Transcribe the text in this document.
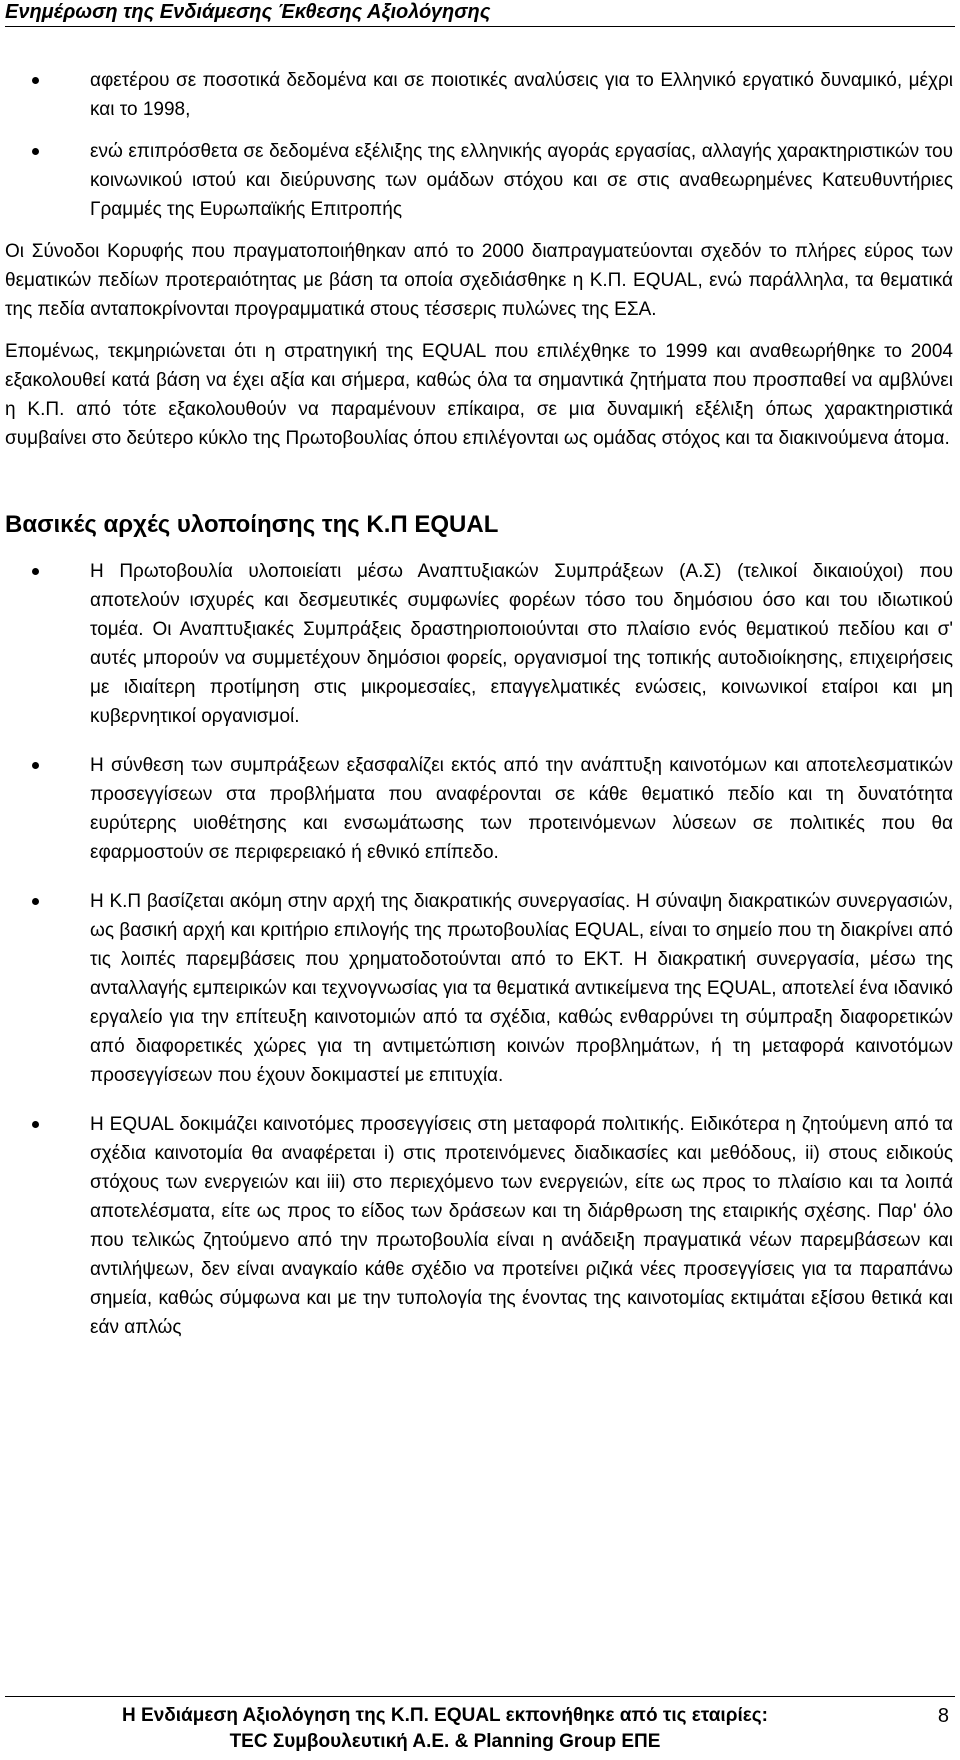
Ενημέρωση της Ενδιάμεσης Έκθεσης Αξιολόγησης
αφετέρου σε ποσοτικά δεδομένα και σε ποιοτικές αναλύσεις για το Ελληνικό εργατικό δυναμικό, μέχρι και το 1998,
ενώ επιπρόσθετα σε δεδομένα εξέλιξης της ελληνικής αγοράς εργασίας, αλλαγής χαρακτηριστικών του κοινωνικού ιστού και διεύρυνσης των ομάδων στόχου και σε στις αναθεωρημένες Κατευθυντήριες Γραμμές της Ευρωπαϊκής Επιτροπής

Οι Σύνοδοι Κορυφής που πραγματοποιήθηκαν από το 2000 διαπραγματεύονται σχεδόν το πλήρες εύρος των θεματικών πεδίων προτεραιότητας με βάση τα οποία σχεδιάσθηκε η Κ.Π. EQUAL, ενώ παράλληλα, τα θεματικά της πεδία ανταποκρίνονται προγραμματικά στους τέσσερις πυλώνες της ΕΣΑ.

Επομένως, τεκμηριώνεται ότι η στρατηγική της EQUAL που επιλέχθηκε το 1999 και αναθεωρήθηκε το 2004 εξακολουθεί κατά βάση να έχει αξία και σήμερα, καθώς όλα τα σημαντικά ζητήματα που προσπαθεί να αμβλύνει η Κ.Π. από τότε εξακολουθούν να παραμένουν επίκαιρα, σε μια δυναμική εξέλιξη όπως χαρακτηριστικά συμβαίνει στο δεύτερο κύκλο της Πρωτοβουλίας όπου επιλέγονται ως ομάδας στόχος και τα διακινούμενα άτομα.

Βασικές αρχές υλοποίησης της Κ.Π EQUAL
Η Πρωτοβουλία υλοποιείατι μέσω Αναπτυξιακών Συμπράξεων (Α.Σ) (τελικοί δικαιούχοι) που αποτελούν ισχυρές και δεσμευτικές συμφωνίες φορέων τόσο του δημόσιου όσο και του ιδιωτικού τομέα. Οι Αναπτυξιακές Συμπράξεις δραστηριοποιούνται στο πλαίσιο ενός θεματικού πεδίου και σ' αυτές μπορούν να συμμετέχουν δημόσιοι φορείς, οργανισμοί της τοπικής αυτοδιοίκησης, επιχειρήσεις με ιδιαίτερη προτίμηση στις μικρομεσαίες, επαγγελματικές ενώσεις, κοινωνικοί εταίροι και μη κυβερνητικοί οργανισμοί.
Η σύνθεση των συμπράξεων εξασφαλίζει εκτός από την ανάπτυξη καινοτόμων και αποτελεσματικών προσεγγίσεων στα προβλήματα που αναφέρονται σε κάθε θεματικό πεδίο και τη δυνατότητα ευρύτερης υιοθέτησης και ενσωμάτωσης των προτεινόμενων λύσεων σε πολιτικές που θα εφαρμοστούν σε περιφερειακό ή εθνικό επίπεδο.
Η Κ.Π βασίζεται ακόμη στην αρχή της διακρατικής συνεργασίας. Η σύναψη διακρατικών συνεργασιών, ως βασική αρχή και κριτήριο επιλογής της πρωτοβουλίας EQUAL, είναι το σημείο που τη διακρίνει από τις λοιπές παρεμβάσεις που χρηματοδοτούνται από το ΕΚΤ. Η διακρατική συνεργασία, μέσω της ανταλλαγής εμπειρικών και τεχνογνωσίας για τα θεματικά αντικείμενα της EQUAL, αποτελεί ένα ιδανικό εργαλείο για την επίτευξη καινοτομιών από τα σχέδια, καθώς ενθαρρύνει τη σύμπραξη διαφορετικών από διαφορετικές χώρες για τη αντιμετώπιση κοινών προβλημάτων, ή τη μεταφορά καινοτόμων προσεγγίσεων που έχουν δοκιμαστεί με επιτυχία.
Η EQUAL δοκιμάζει καινοτόμες προσεγγίσεις στη μεταφορά πολιτικής. Ειδικότερα η ζητούμενη από τα σχέδια καινοτομία θα αναφέρεται i) στις προτεινόμενες διαδικασίες και μεθόδους, ii) στους ειδικούς στόχους των ενεργειών και iii) στο περιεχόμενο των ενεργειών, είτε ως προς το πλαίσιο και τα λοιπά αποτελέσματα, είτε ως προς το είδος των δράσεων και τη διάρθρωση της εταιρικής σχέσης. Παρ' όλο που τελικώς ζητούμενο από την πρωτοβουλία είναι η ανάδειξη πραγματικά νέων παρεμβάσεων και αντιλήψεων, δεν είναι αναγκαίο κάθε σχέδιο να προτείνει ριζικά νέες προσεγγίσεις για τα παραπάνω σημεία, καθώς σύμφωνα και με την τυπολογία της ένοντας της καινοτομίας εκτιμάται εξίσου θετικά και εάν απλώς
Η Ενδιάμεση Αξιολόγηση της Κ.Π. EQUAL εκπονήθηκε από τις εταιρίες:
TEC Συμβουλευτική Α.Ε. & Planning Group ΕΠΕ
8
